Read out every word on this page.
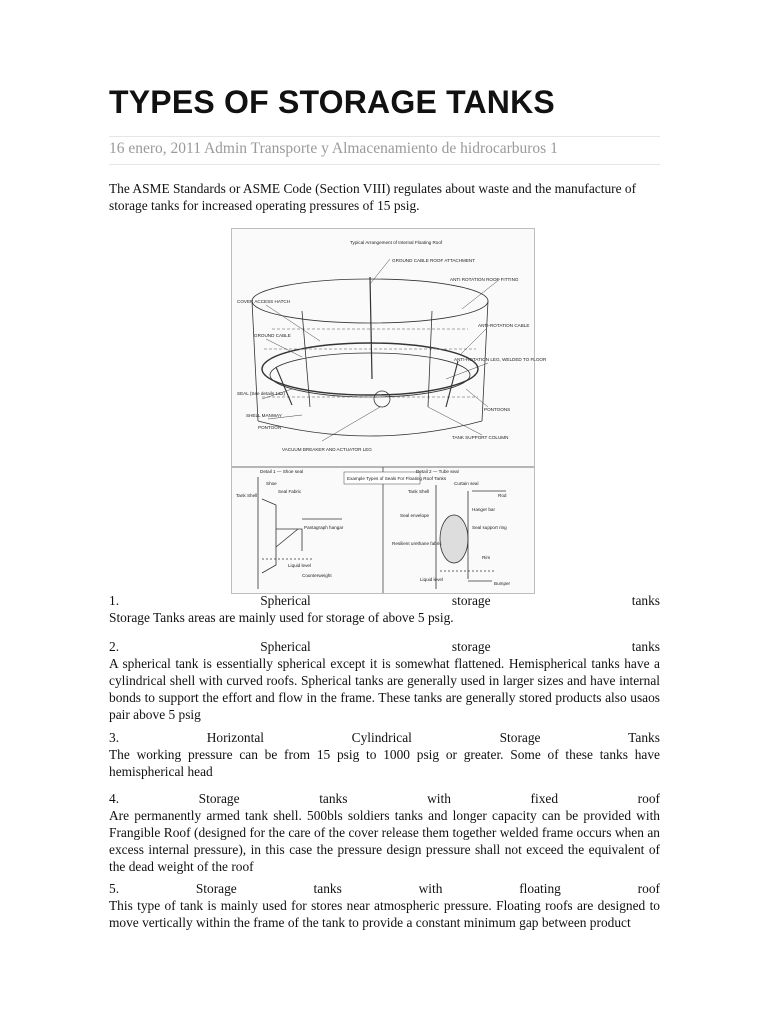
TYPES OF STORAGE TANKS
16 enero, 2011 Admin Transporte y Almacenamiento de hidrocarburos 1

The ASME Standards or ASME Code (Section VIII) regulates about waste and the manufacture of storage tanks for increased operating pressures of 15 psig.

Typical Arrangement of Internal Floating Roof
GROUND CABLE ROOF ATTACHMENT
ANTI ROTATION ROOF FITTING
COVER ACCESS HATCH
GROUND CABLE
ANTI-ROTATION CABLE
ANTI-ROTATION LEG, WELDED TO FLOOR
SEAL (See details 1&2)
PONTOONS
SHELL MANWAY
PONTOON
TANK SUPPORT COLUMN
VACUUM BREAKER AND ACTUATOR LEG
Example Types of Seals For Floating Roof Tanks
Detail 1 — Shoe seal
Tank Shell
Seal Fabric
Shoe
Pantagraph hangar
Liquid level
Counterweight
Detail 2 — Tube seal
Tank Shell
Curtain seal
Rod
Hanger bar
Seal envelope
Seal support ring
Resilient urethane fabric
Rim
Liquid level
Bumper
1.	Spherical	storage	tanks
Storage Tanks areas are mainly used for storage of above 5 psig.
2.	Spherical	storage	tanks
A spherical tank is essentially spherical except it is somewhat flattened. Hemispherical tanks have a cylindrical shell with curved roofs. Spherical tanks are generally used in larger sizes and have internal bonds to support the effort and flow in the frame. These tanks are generally stored products also usaos pair above 5 psig
3.	Horizontal	Cylindrical	Storage	Tanks
The working pressure can be from 15 psig to 1000 psig or greater. Some of these tanks have hemispherical head
4.	Storage	tanks	with	fixed	roof
Are permanently armed tank shell. 500bls soldiers tanks and longer capacity can be provided with Frangible Roof (designed for the care of the cover release them together welded frame occurs when an excess internal pressure), in this case the pressure design pressure shall not exceed the equivalent of the dead weight of the roof
5.	Storage	tanks	with	floating	roof
This type of tank is mainly used for stores near atmospheric pressure. Floating roofs are designed to move vertically within the frame of the tank to provide a constant minimum gap between product
